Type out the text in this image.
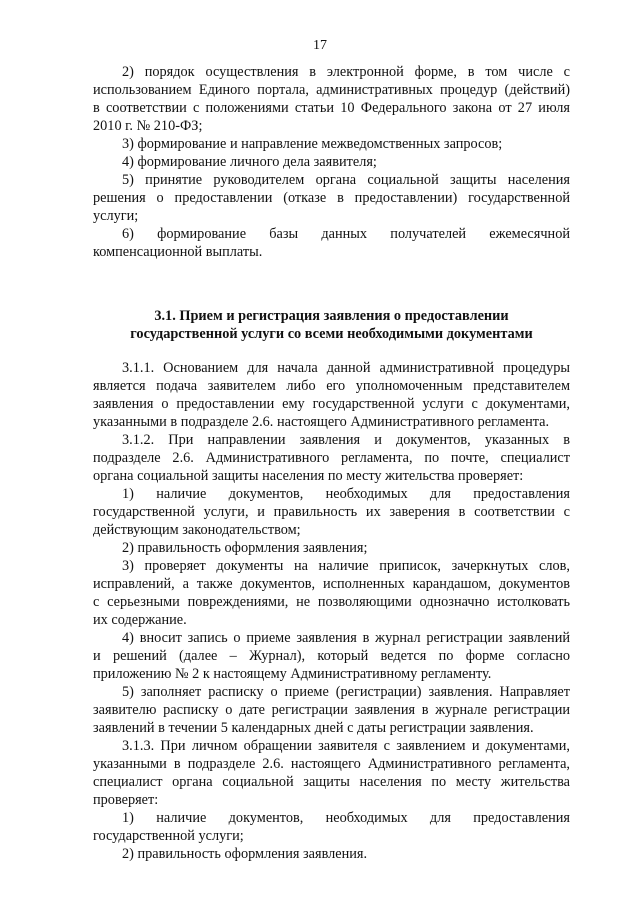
17
2) порядок осуществления в электронной форме, в том числе с
использованием Единого портала, административных процедур (действий)
в соответствии с положениями статьи 10 Федерального закона от 27 июля
2010 г. № 210-ФЗ;
3) формирование и направление межведомственных запросов;
4) формирование личного дела заявителя;
5) принятие руководителем органа социальной защиты населения
решения о предоставлении (отказе в предоставлении) государственной
услуги;
6) формирование базы данных получателей ежемесячной
компенсационной выплаты.
3.1. Прием и регистрация заявления о предоставлении
государственной услуги со всеми необходимыми документами
3.1.1. Основанием для начала данной административной процедуры
является подача заявителем либо его уполномоченным представителем
заявления о предоставлении ему государственной услуги с документами,
указанными в подразделе 2.6. настоящего Административного регламента.
3.1.2. При направлении заявления и документов, указанных в
подразделе 2.6. Административного регламента, по почте, специалист
органа социальной защиты населения по месту жительства проверяет:
1) наличие документов, необходимых для предоставления
государственной услуги, и правильность их заверения в соответствии с
действующим законодательством;
2) правильность оформления заявления;
3) проверяет документы на наличие приписок, зачеркнутых слов,
исправлений, а также документов, исполненных карандашом, документов
с серьезными повреждениями, не позволяющими однозначно истолковать
их содержание.
4) вносит запись о приеме заявления в журнал регистрации заявлений
и решений (далее – Журнал), который ведется по форме согласно
приложению № 2 к настоящему Административному регламенту.
5) заполняет расписку о приеме (регистрации) заявления. Направляет
заявителю расписку о дате регистрации заявления в журнале регистрации
заявлений в течении 5 календарных дней с даты регистрации заявления.
3.1.3. При личном обращении заявителя с заявлением и документами,
указанными в подразделе 2.6. настоящего Административного регламента,
специалист органа социальной защиты населения по месту жительства
проверяет:
1) наличие документов, необходимых для предоставления
государственной услуги;
2) правильность оформления заявления.
